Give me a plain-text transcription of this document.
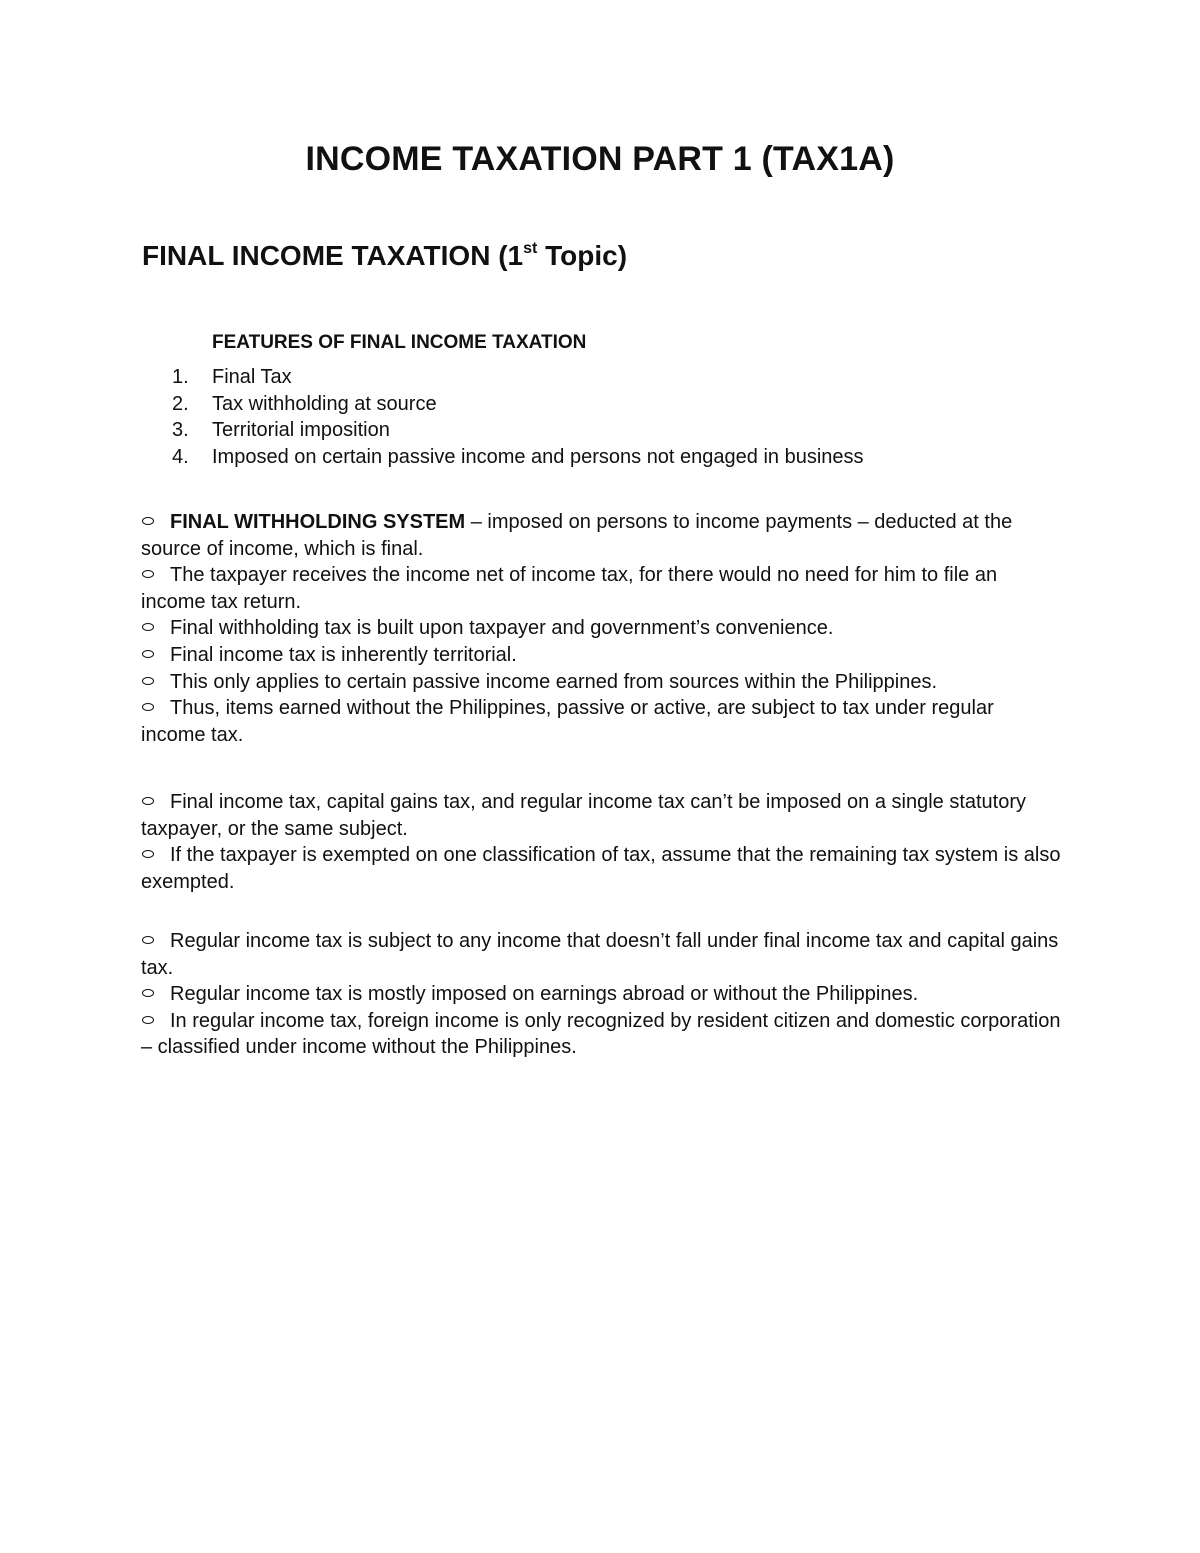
INCOME TAXATION PART 1 (TAX1A)
FINAL INCOME TAXATION (1st Topic)
FEATURES OF FINAL INCOME TAXATION
1. Final Tax
2. Tax withholding at source
3. Territorial imposition
4. Imposed on certain passive income and persons not engaged in business
FINAL WITHHOLDING SYSTEM – imposed on persons to income payments – deducted at the source of income, which is final.
The taxpayer receives the income net of income tax, for there would no need for him to file an income tax return.
Final withholding tax is built upon taxpayer and government’s convenience.
Final income tax is inherently territorial.
This only applies to certain passive income earned from sources within the Philippines.
Thus, items earned without the Philippines, passive or active, are subject to tax under regular income tax.
Final income tax, capital gains tax, and regular income tax can’t be imposed on a single statutory taxpayer, or the same subject.
If the taxpayer is exempted on one classification of tax, assume that the remaining tax system is also exempted.
Regular income tax is subject to any income that doesn’t fall under final income tax and capital gains tax.
Regular income tax is mostly imposed on earnings abroad or without the Philippines.
In regular income tax, foreign income is only recognized by resident citizen and domestic corporation – classified under income without the Philippines.
